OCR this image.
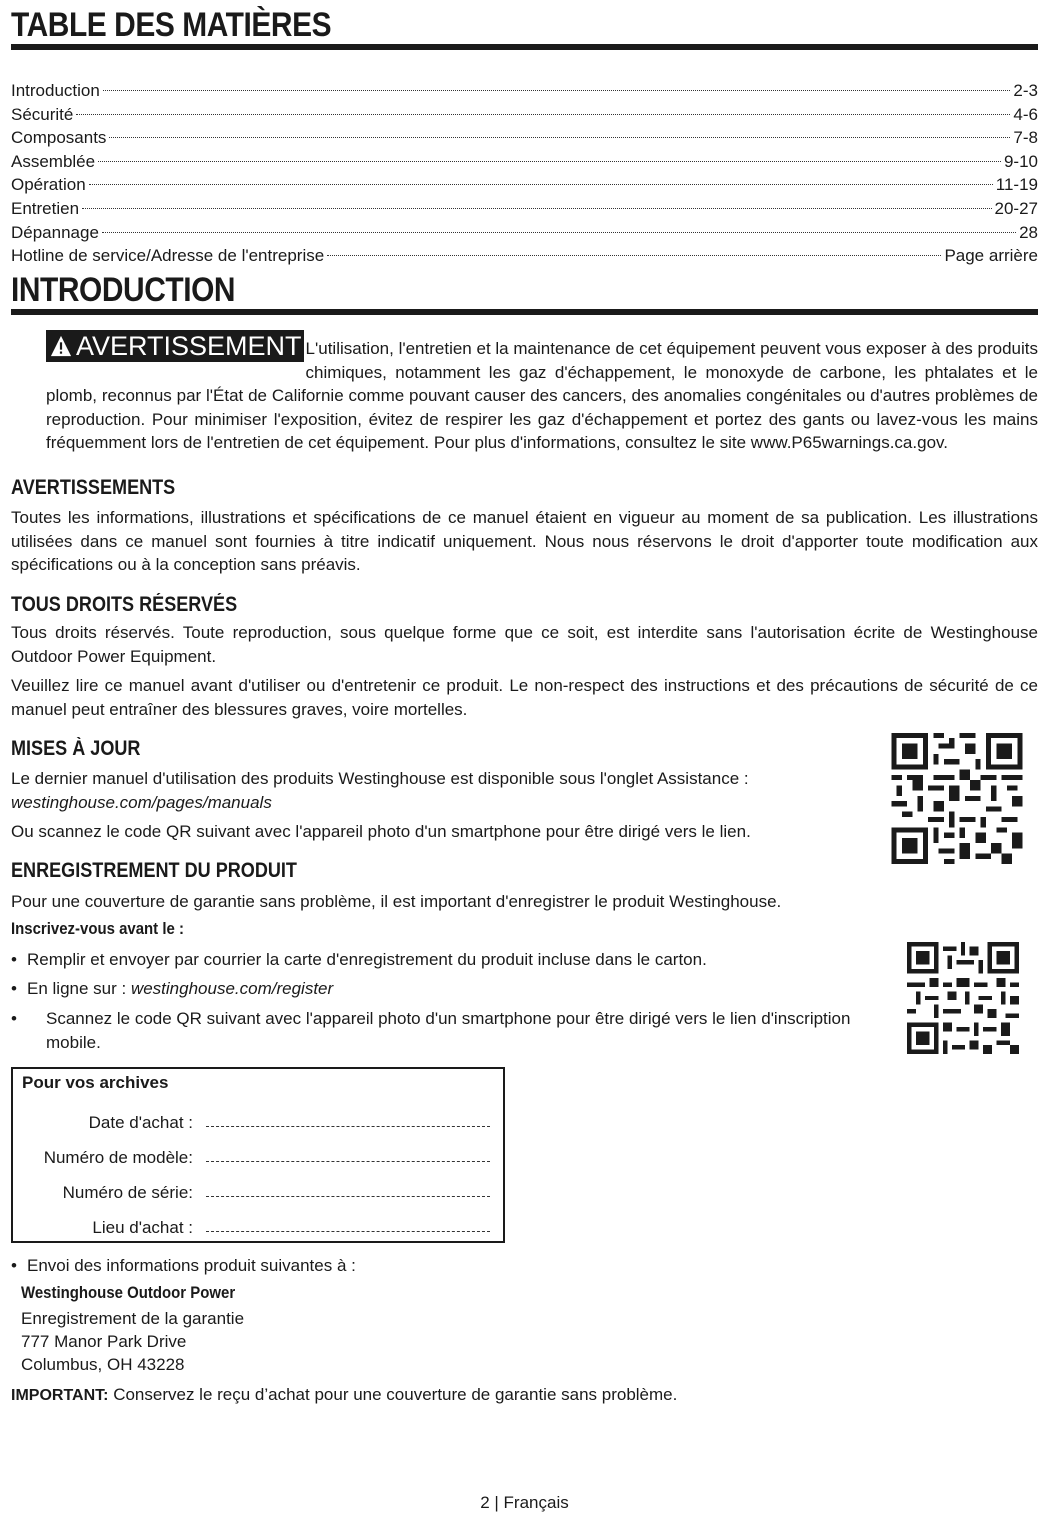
TABLE DES MATIÈRES
Introduction	2-3
Sécurité	4-6
Composants	7-8
Assemblée	9-10
Opération	11-19
Entretien	20-27
Dépannage	28
Hotline de service/Adresse de l'entreprise	Page arrière
INTRODUCTION
AVERTISSEMENT L'utilisation, l'entretien et la maintenance de cet équipement peuvent vous exposer à des produits chimiques, notamment les gaz d'échappement, le monoxyde de carbone, les phtalates et le plomb, reconnus par l'État de Californie comme pouvant causer des cancers, des anomalies congénitales ou d'autres problèmes de reproduction. Pour minimiser l'exposition, évitez de respirer les gaz d'échappement et portez des gants ou lavez-vous les mains fréquemment lors de l'entretien de cet équipement. Pour plus d'informations, consultez le site www.P65warnings.ca.gov.
AVERTISSEMENTS
Toutes les informations, illustrations et spécifications de ce manuel étaient en vigueur au moment de sa publication. Les illustrations utilisées dans ce manuel sont fournies à titre indicatif uniquement. Nous nous réservons le droit d'apporter toute modification aux spécifications ou à la conception sans préavis.
TOUS DROITS RÉSERVÉS
Tous droits réservés. Toute reproduction, sous quelque forme que ce soit, est interdite sans l'autorisation écrite de Westinghouse Outdoor Power Equipment.
Veuillez lire ce manuel avant d'utiliser ou d'entretenir ce produit. Le non-respect des instructions et des précautions de sécurité de ce manuel peut entraîner des blessures graves, voire mortelles.
MISES À JOUR
Le dernier manuel d'utilisation des produits Westinghouse est disponible sous l'onglet Assistance : westinghouse.com/pages/manuals
Ou scannez le code QR suivant avec l'appareil photo d'un smartphone pour être dirigé vers le lien.
ENREGISTREMENT DU PRODUIT
Pour une couverture de garantie sans problème, il est important d'enregistrer le produit Westinghouse.
Inscrivez-vous avant le :
• Remplir et envoyer par courrier la carte d'enregistrement du produit incluse dans le carton.
• En ligne sur : westinghouse.com/register
•	Scannez le code QR suivant avec l'appareil photo d'un smartphone pour être dirigé vers le lien d'inscription mobile.
Pour vos archives
Date d'achat :
Numéro de modèle:
Numéro de série:
Lieu d'achat :
• Envoi des informations produit suivantes à :
Westinghouse Outdoor Power
Enregistrement de la garantie
777 Manor Park Drive
Columbus, OH 43228
IMPORTANT: Conservez le reçu d’achat pour une couverture de garantie sans problème.
2 | Français
